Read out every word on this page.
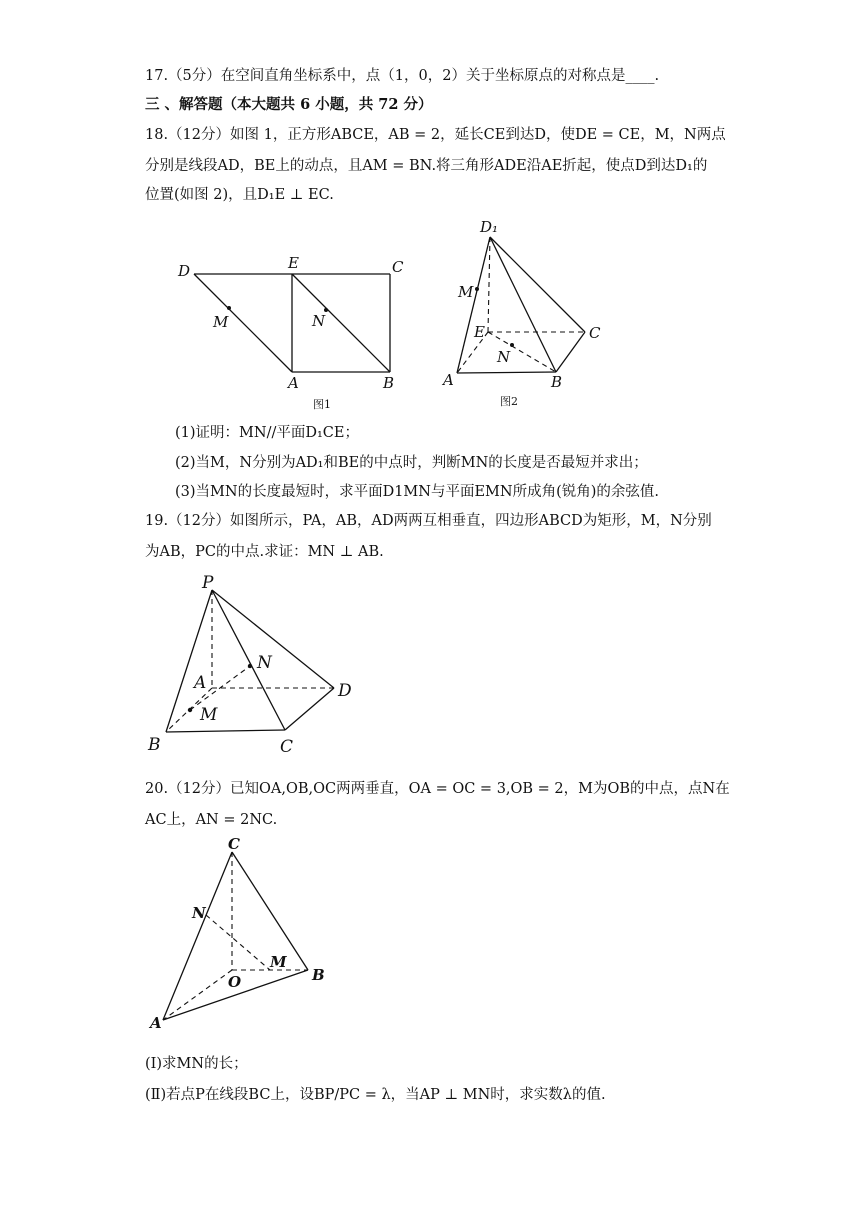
17.（5分）在空间直角坐标系中，点（1，0，2）关于坐标原点的对称点是____.
三 、解答题（本大题共 6 小题，共 72 分）
18.（12分）如图 1，正方形ABCE，AB = 2，延长CE到达D，使DE = CE，M，N两点
分别是线段AD，BE上的动点，且AM = BN.将三角形ADE沿AE折起，使点D到达D₁的
位置(如图 2)，且D₁E ⊥ EC.
D	E	C
M	N
A	B
图1
D₁
M
E	C
N
A	B
图2
(1)证明：MN//平面D₁CE；
(2)当M，N分别为AD₁和BE的中点时，判断MN的长度是否最短并求出；
(3)当MN的长度最短时，求平面D1MN与平面EMN所成角(锐角)的余弦值.
19.（12分）如图所示，PA，AB，AD两两互相垂直，四边形ABCD为矩形，M，N分别
为AB，PC的中点.求证：MN ⊥ AB.
P
N
A	D
M
B	C
20.（12分）已知OA,OB,OC两两垂直，OA = OC = 3,OB = 2，M为OB的中点，点N在
AC上，AN = 2NC.
C
N
M
O	B
A
(Ⅰ)求MN的长；
(Ⅱ)若点P在线段BC上，设BP/PC = λ，当AP ⊥ MN时，求实数λ的值.
